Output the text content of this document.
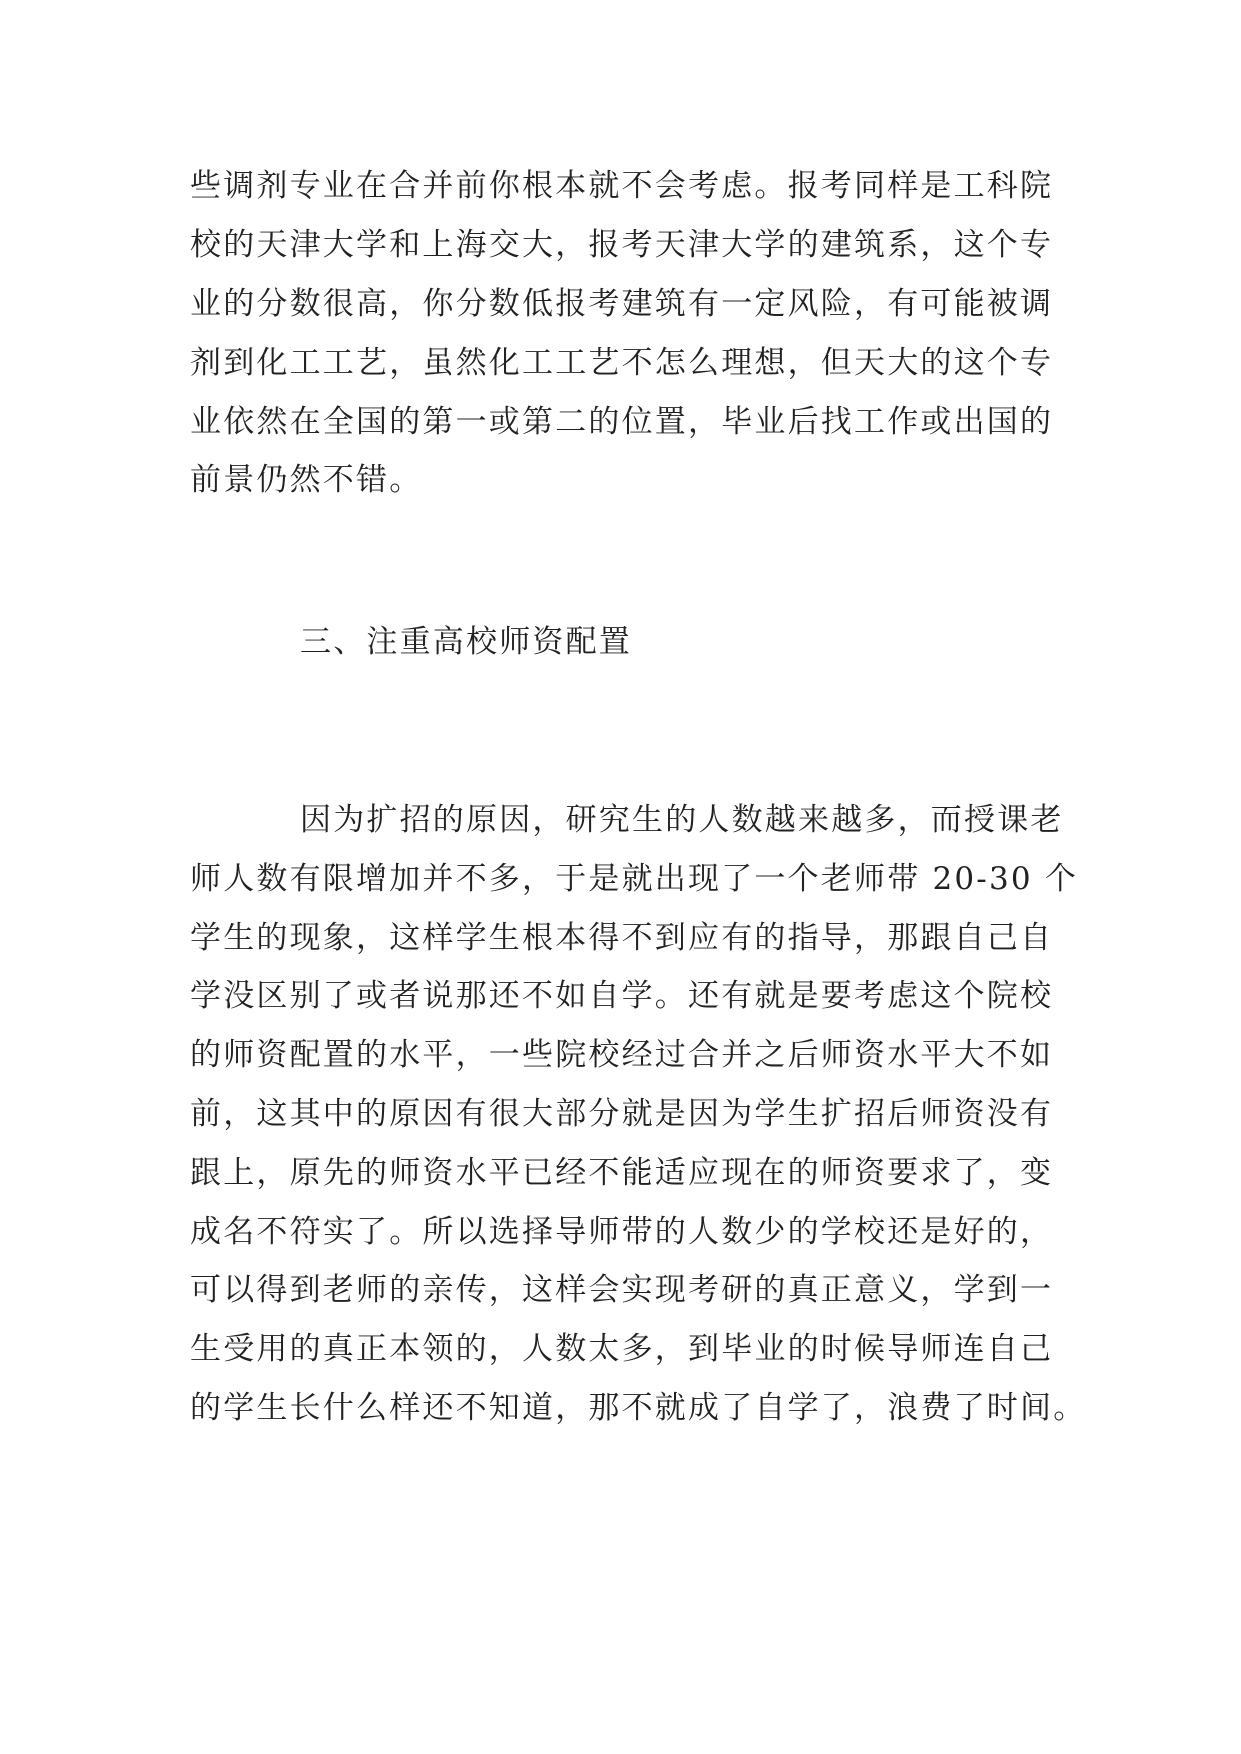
些调剂专业在合并前你根本就不会考虑。报考同样是工科院

校的天津大学和上海交大，报考天津大学的建筑系，这个专

业的分数很高，你分数低报考建筑有一定风险，有可能被调

剂到化工工艺，虽然化工工艺不怎么理想，但天大的这个专

业依然在全国的第一或第二的位置，毕业后找工作或出国的

前景仍然不错。

三、注重高校师资配置

因为扩招的原因，研究生的人数越来越多，而授课老

师人数有限增加并不多，于是就出现了一个老师带 20-30 个

学生的现象，这样学生根本得不到应有的指导，那跟自己自

学没区别了或者说那还不如自学。还有就是要考虑这个院校

的师资配置的水平，一些院校经过合并之后师资水平大不如

前，这其中的原因有很大部分就是因为学生扩招后师资没有

跟上，原先的师资水平已经不能适应现在的师资要求了，变

成名不符实了。所以选择导师带的人数少的学校还是好的，

可以得到老师的亲传，这样会实现考研的真正意义，学到一

生受用的真正本领的，人数太多，到毕业的时候导师连自己

的学生长什么样还不知道，那不就成了自学了，浪费了时间。
